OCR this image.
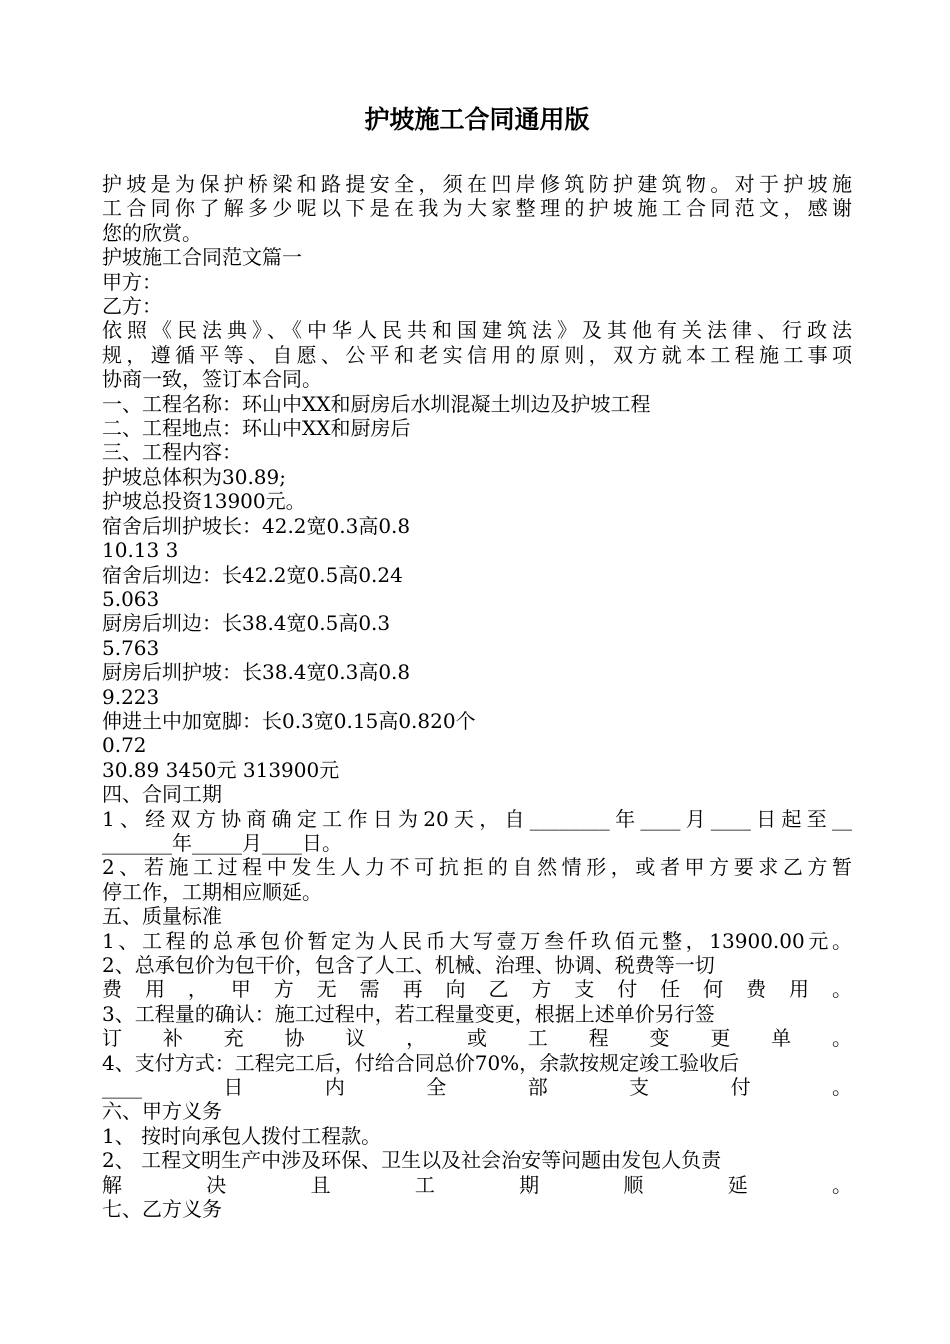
护坡施工合同通用版
护坡是为保护桥梁和路提安全，须在凹岸修筑防护建筑物。对于护坡施
工合同你了解多少呢以下是在我为大家整理的护坡施工合同范文，感谢
您的欣赏。
护坡施工合同范文篇一
甲方：
乙方：
依照《民法典》、《中华人民共和国建筑法》及其他有关法律、行政法
规，遵循平等、自愿、公平和老实信用的原则，双方就本工程施工事项
协商一致，签订本合同。
一、工程名称：环山中XX和厨房后水圳混凝土圳边及护坡工程
二、工程地点：环山中XX和厨房后
三、工程内容：
护坡总体积为30.89;
护坡总投资13900元。
宿舍后圳护坡长：42.2宽0.3高0.8
10.13 3
宿舍后圳边：长42.2宽0.5高0.24
5.063
厨房后圳边：长38.4宽0.5高0.3
5.763
厨房后圳护坡：长38.4宽0.3高0.8
9.223
伸进土中加宽脚：长0.3宽0.15高0.820个
0.72
30.89 3450元 313900元
四、合同工期
1、经双方协商确定工作日为20天，自________年____月____日起至__
_______年_____月____日。
2、若施工过程中发生人力不可抗拒的自然情形，或者甲方要求乙方暂
停工作，工期相应顺延。
五、质量标准
1、工程的总承包价暂定为人民币大写壹万叁仟玖佰元整，13900.00元。
2、总承包价为包干价，包含了人工、机械、治理、协调、税费等一切
费用，甲方无需再向乙方支付任何费用。
3、工程量的确认：施工过程中，若工程量变更，根据上述单价另行签
订补充协议，或工程变更单。
4、支付方式：工程完工后，付给合同总价70%，余款按规定竣工验收后
____日内全部支付。
六、甲方义务
1、 按时向承包人拨付工程款。
2、 工程文明生产中涉及环保、卫生以及社会治安等问题由发包人负责
解决且工期顺延。
七、乙方义务
